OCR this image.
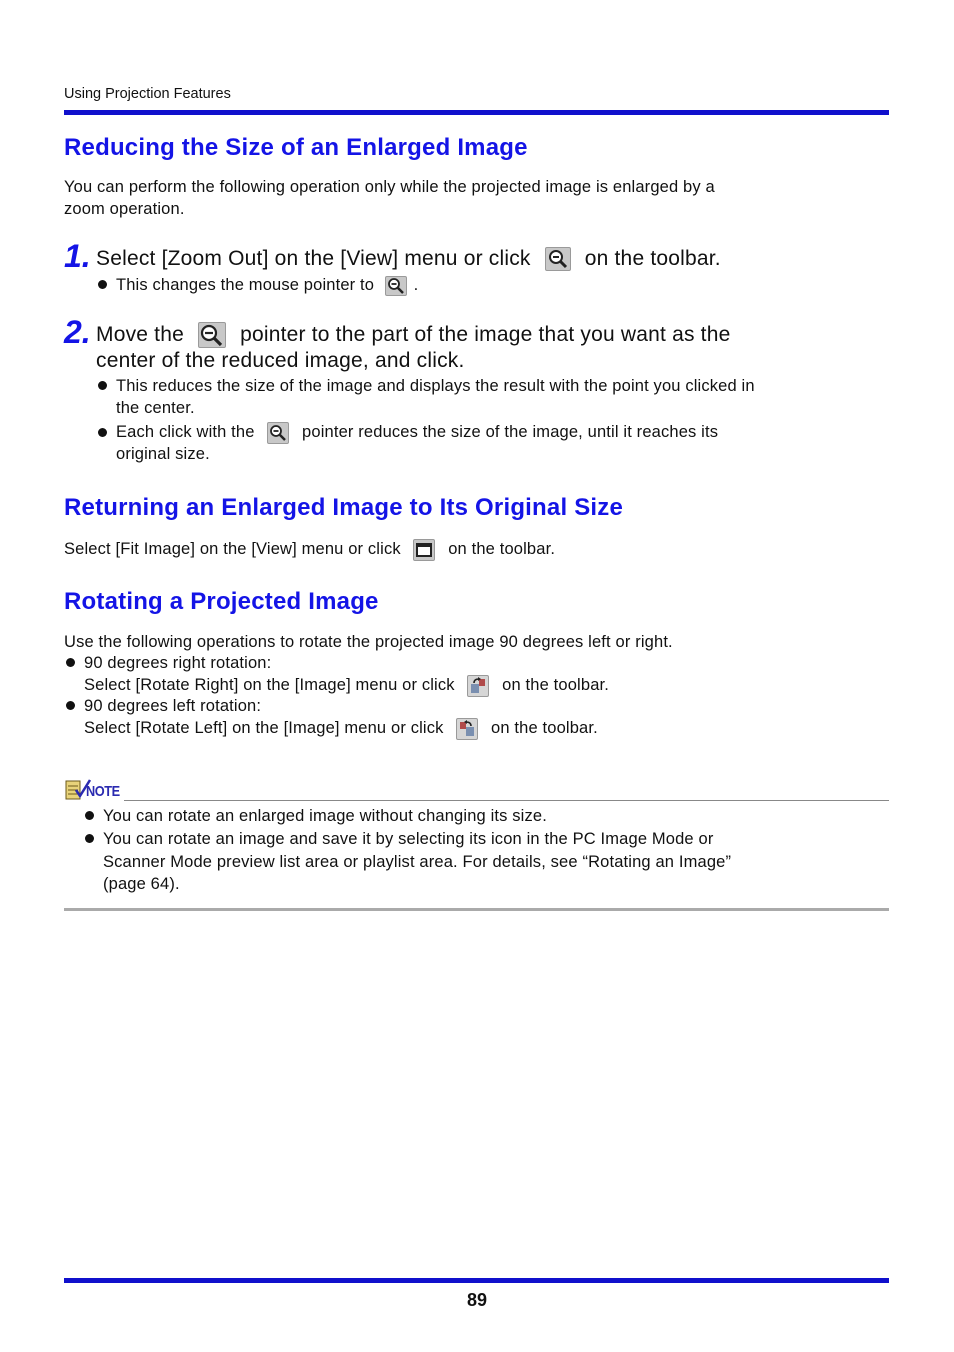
Using Projection Features
Reducing the Size of an Enlarged Image
You can perform the following operation only while the projected image is enlarged by a
zoom operation.
1. Select [Zoom Out] on the [View] menu or click	on the toolbar.
This changes the mouse pointer to .
2. Move the	pointer to the part of the image that you want as the
center of the reduced image, and click.
This reduces the size of the image and displays the result with the point you clicked in
the center.
Each click with the	pointer reduces the size of the image, until it reaches its
original size.
Returning an Enlarged Image to Its Original Size
Select [Fit Image] on the [View] menu or click	on the toolbar.
Rotating a Projected Image
Use the following operations to rotate the projected image 90 degrees left or right.
90 degrees right rotation:
Select [Rotate Right] on the [Image] menu or click	on the toolbar.
90 degrees left rotation:
Select [Rotate Left] on the [Image] menu or click	on the toolbar.
NOTE
You can rotate an enlarged image without changing its size.
You can rotate an image and save it by selecting its icon in the PC Image Mode or
Scanner Mode preview list area or playlist area. For details, see “Rotating an Image”
(page 64).
89
